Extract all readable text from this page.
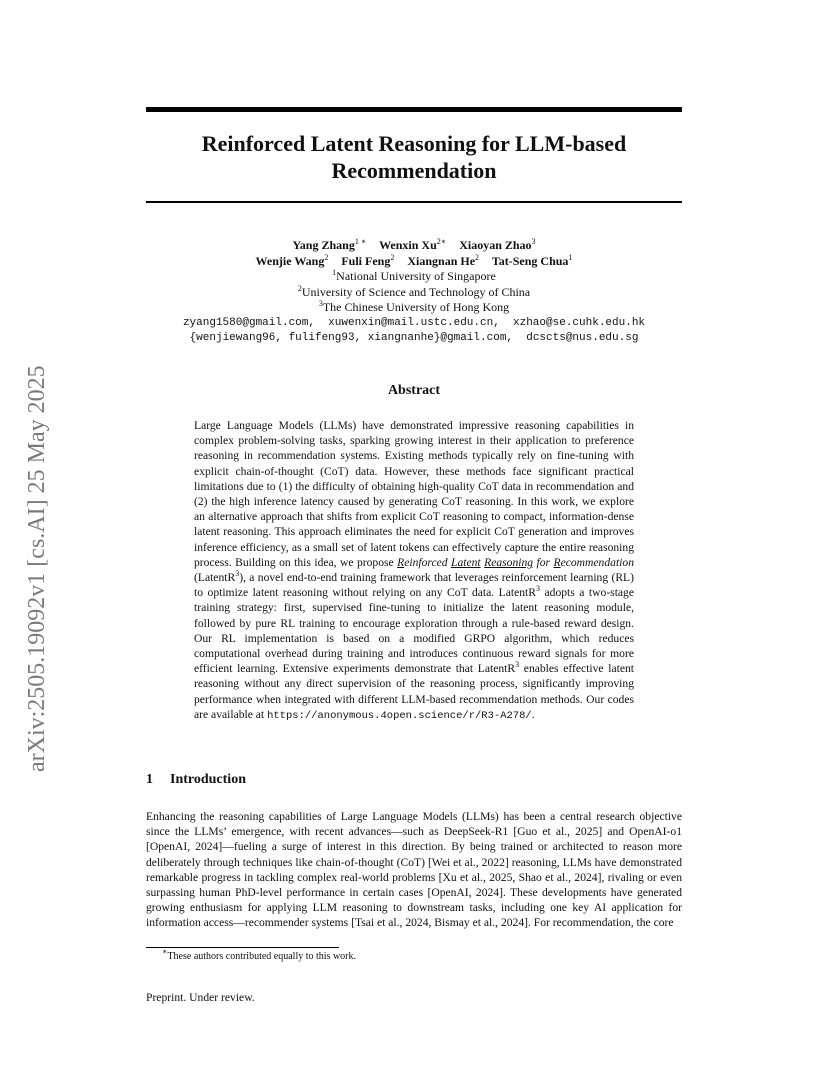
arXiv:2505.19092v1 [cs.AI] 25 May 2025
Reinforced Latent Reasoning for LLM-based
Recommendation
Yang Zhang$^{1 ∗}$ Wenxin $Xu^{2∗}$ Xiaoyan Zhao$^3$
Wenjie Wang$^2$ Fuli Feng$^2$ Xiangnan He$^2$ Tat-Seng Chua$^1$
$^1$National University of Singapore
$^2$University of Science and Technology of China
$^3$The Chinese University of Hong Kong
zyang1580@gmail.com,  xuwenxin@mail.ustc.edu.cn,  xzhao@se.cuhk.edu.hk
{wenjiewang96, fulifeng93, xiangnanhe}@gmail.com,  dcscts@nus.edu.sg
Abstract
Large Language Models (LLMs) have demonstrated impressive reasoning capabilities in complex problem-solving tasks, sparking growing interest in their application to preference reasoning in recommendation systems. Existing methods typically rely on fine-tuning with explicit chain-of-thought (CoT) data. However, these methods face significant practical limitations due to (1) the difficulty of obtaining high-quality CoT data in recommendation and (2) the high inference latency caused by generating CoT reasoning. In this work, we explore an alternative approach that shifts from explicit CoT reasoning to compact, information-dense latent reasoning. This approach eliminates the need for explicit CoT generation and improves inference efficiency, as a small set of latent tokens can effectively capture the entire reasoning process. Building on this idea, we propose Reinforced Latent Reasoning for Recommendation (LatentR$^3$), a novel end-to-end training framework that leverages reinforcement learning (RL) to optimize latent reasoning without relying on any CoT data. LatentR$^3$ adopts a two-stage training strategy: first, supervised fine-tuning to initialize the latent reasoning module, followed by pure RL training to encourage exploration through a rule-based reward design. Our RL implementation is based on a modified GRPO algorithm, which reduces computational overhead during training and introduces continuous reward signals for more efficient learning. Extensive experiments demonstrate that LatentR$^3$ enables effective latent reasoning without any direct supervision of the reasoning process, significantly improving performance when integrated with different LLM-based recommendation methods. Our codes are available at https://anonymous.4open.science/r/R3-A278/.
1 Introduction
Enhancing the reasoning capabilities of Large Language Models (LLMs) has been a central research objective since the LLMs’ emergence, with recent advances—such as DeepSeek-R1 [Guo et al., 2025] and OpenAI-o1 [OpenAI, 2024]—fueling a surge of interest in this direction. By being trained or architected to reason more deliberately through techniques like chain-of-thought (CoT) [Wei et al., 2022] reasoning, LLMs have demonstrated remarkable progress in tackling complex real-world problems [Xu et al., 2025, Shao et al., 2024], rivaling or even surpassing human PhD-level performance in certain cases [OpenAI, 2024]. These developments have generated growing enthusiasm for applying LLM reasoning to downstream tasks, including one key AI application for information access—recommender systems [Tsai et al., 2024, Bismay et al., 2024]. For recommendation, the core
∗These authors contributed equally to this work.
Preprint. Under review.
